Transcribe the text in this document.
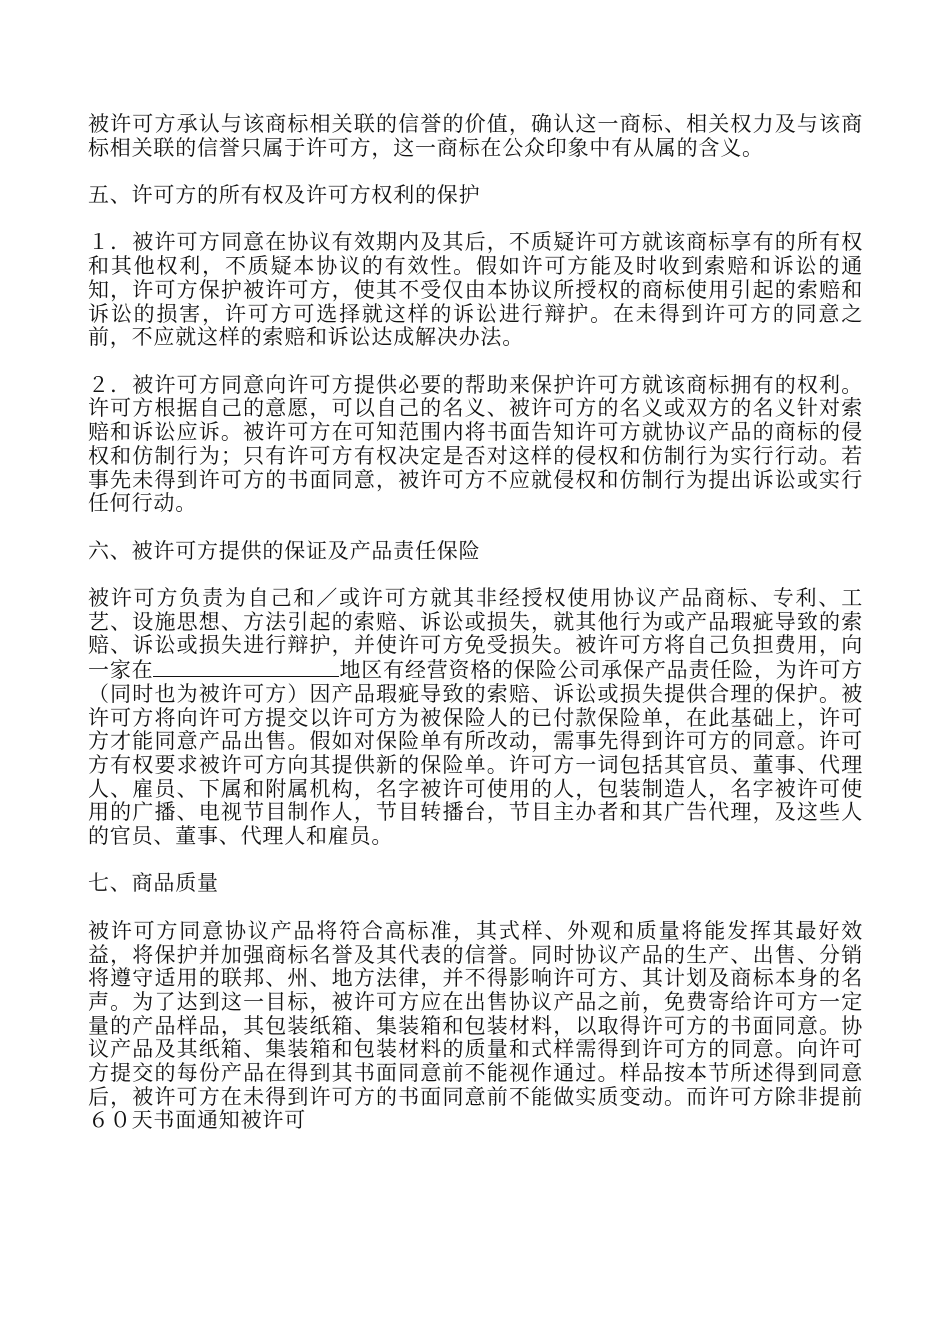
被许可方承认与该商标相关联的信誉的价值，确认这一商标、相关权力及与该商标相关联的信誉只属于许可方，这一商标在公众印象中有从属的含义。

五、许可方的所有权及许可方权利的保护

１．被许可方同意在协议有效期内及其后，不质疑许可方就该商标享有的所有权和其他权利，不质疑本协议的有效性。假如许可方能及时收到索赔和诉讼的通知，许可方保护被许可方，使其不受仅由本协议所授权的商标使用引起的索赔和诉讼的损害，许可方可选择就这样的诉讼进行辩护。在未得到许可方的同意之前，不应就这样的索赔和诉讼达成解决办法。

２．被许可方同意向许可方提供必要的帮助来保护许可方就该商标拥有的权利。许可方根据自己的意愿，可以自己的名义、被许可方的名义或双方的名义针对索赔和诉讼应诉。被许可方在可知范围内将书面告知许可方就协议产品的商标的侵权和仿制行为；只有许可方有权决定是否对这样的侵权和仿制行为实行行动。若事先未得到许可方的书面同意，被许可方不应就侵权和仿制行为提出诉讼或实行任何行动。

六、被许可方提供的保证及产品责任保险

被许可方负责为自己和／或许可方就其非经授权使用协议产品商标、专利、工艺、设施思想、方法引起的索赔、诉讼或损失，就其他行为或产品瑕疵导致的索赔、诉讼或损失进行辩护，并使许可方免受损失。被许可方将自己负担费用，向一家在	地区有经营资格的保险公司承保产品责任险，为许可方（同时也为被许可方）因产品瑕疵导致的索赔、诉讼或损失提供合理的保护。被许可方将向许可方提交以许可方为被保险人的已付款保险单，在此基础上，许可方才能同意产品出售。假如对保险单有所改动，需事先得到许可方的同意。许可方有权要求被许可方向其提供新的保险单。许可方一词包括其官员、董事、代理人、雇员、下属和附属机构，名字被许可使用的人，包装制造人，名字被许可使用的广播、电视节目制作人，节目转播台，节目主办者和其广告代理，及这些人的官员、董事、代理人和雇员。

七、商品质量

被许可方同意协议产品将符合高标准，其式样、外观和质量将能发挥其最好效益，将保护并加强商标名誉及其代表的信誉。同时协议产品的生产、出售、分销将遵守适用的联邦、州、地方法律，并不得影响许可方、其计划及商标本身的名声。为了达到这一目标，被许可方应在出售协议产品之前，免费寄给许可方一定量的产品样品，其包装纸箱、集装箱和包装材料，以取得许可方的书面同意。协议产品及其纸箱、集装箱和包装材料的质量和式样需得到许可方的同意。向许可方提交的每份产品在得到其书面同意前不能视作通过。样品按本节所述得到同意后，被许可方在未得到许可方的书面同意前不能做实质变动。而许可方除非提前６０天书面通知被许可
